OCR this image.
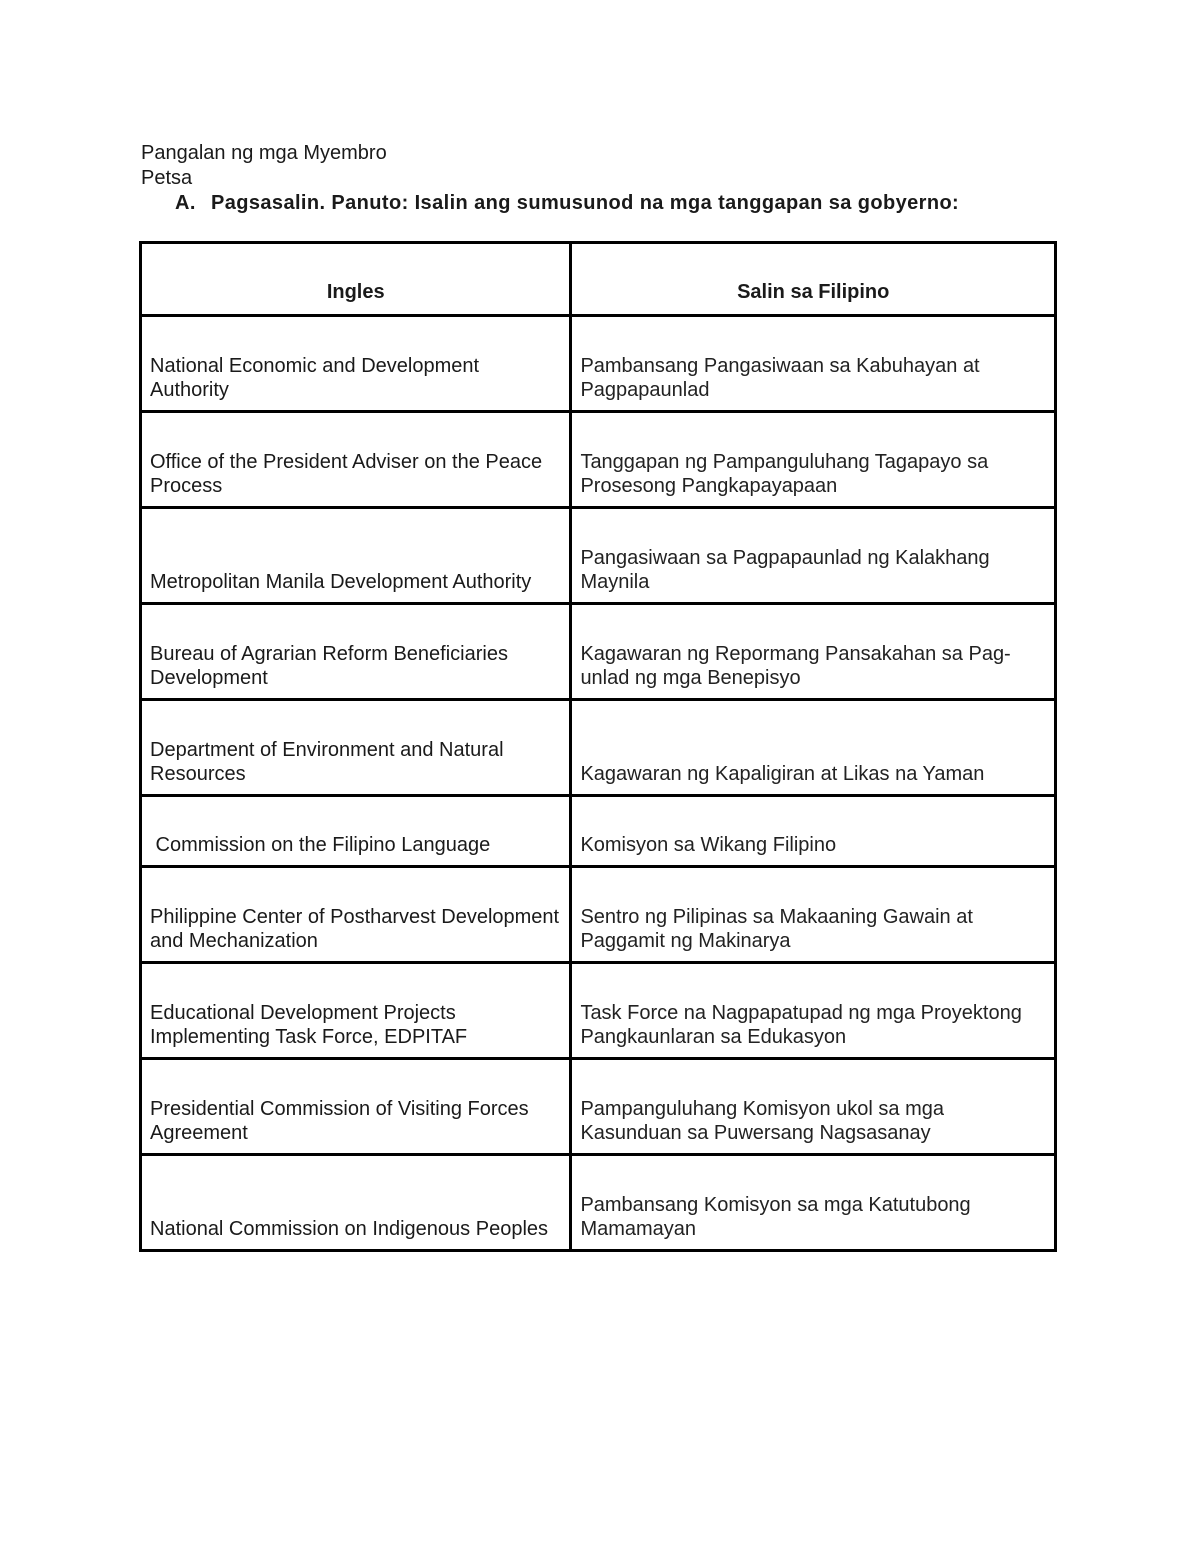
Pangalan ng mga Myembro
Petsa
A. Pagsasalin. Panuto: Isalin ang sumusunod na mga tanggapan sa gobyerno:
Ingles	Salin sa Filipino
National Economic and Development Authority	Pambansang Pangasiwaan sa Kabuhayan at Pagpapaunlad
Office of the President Adviser on the Peace Process	Tanggapan ng Pampanguluhang Tagapayo sa Prosesong Pangkapayapaan
Metropolitan Manila Development Authority	Pangasiwaan sa Pagpapaunlad ng Kalakhang Maynila
Bureau of Agrarian Reform Beneficiaries Development	Kagawaran ng Repormang Pansakahan sa Pag-unlad ng mga Benepisyo
Department of Environment and Natural Resources	Kagawaran ng Kapaligiran at Likas na Yaman
Commission on the Filipino Language	Komisyon sa Wikang Filipino
Philippine Center of Postharvest Development and Mechanization	Sentro ng Pilipinas sa Makaaning Gawain at Paggamit ng Makinarya
Educational Development Projects Implementing Task Force, EDPITAF	Task Force na Nagpapatupad ng mga Proyektong Pangkaunlaran sa Edukasyon
Presidential Commission of Visiting Forces Agreement	Pampanguluhang Komisyon ukol sa mga Kasunduan sa Puwersang Nagsasanay
National Commission on Indigenous Peoples	Pambansang Komisyon sa mga Katutubong Mamamayan
